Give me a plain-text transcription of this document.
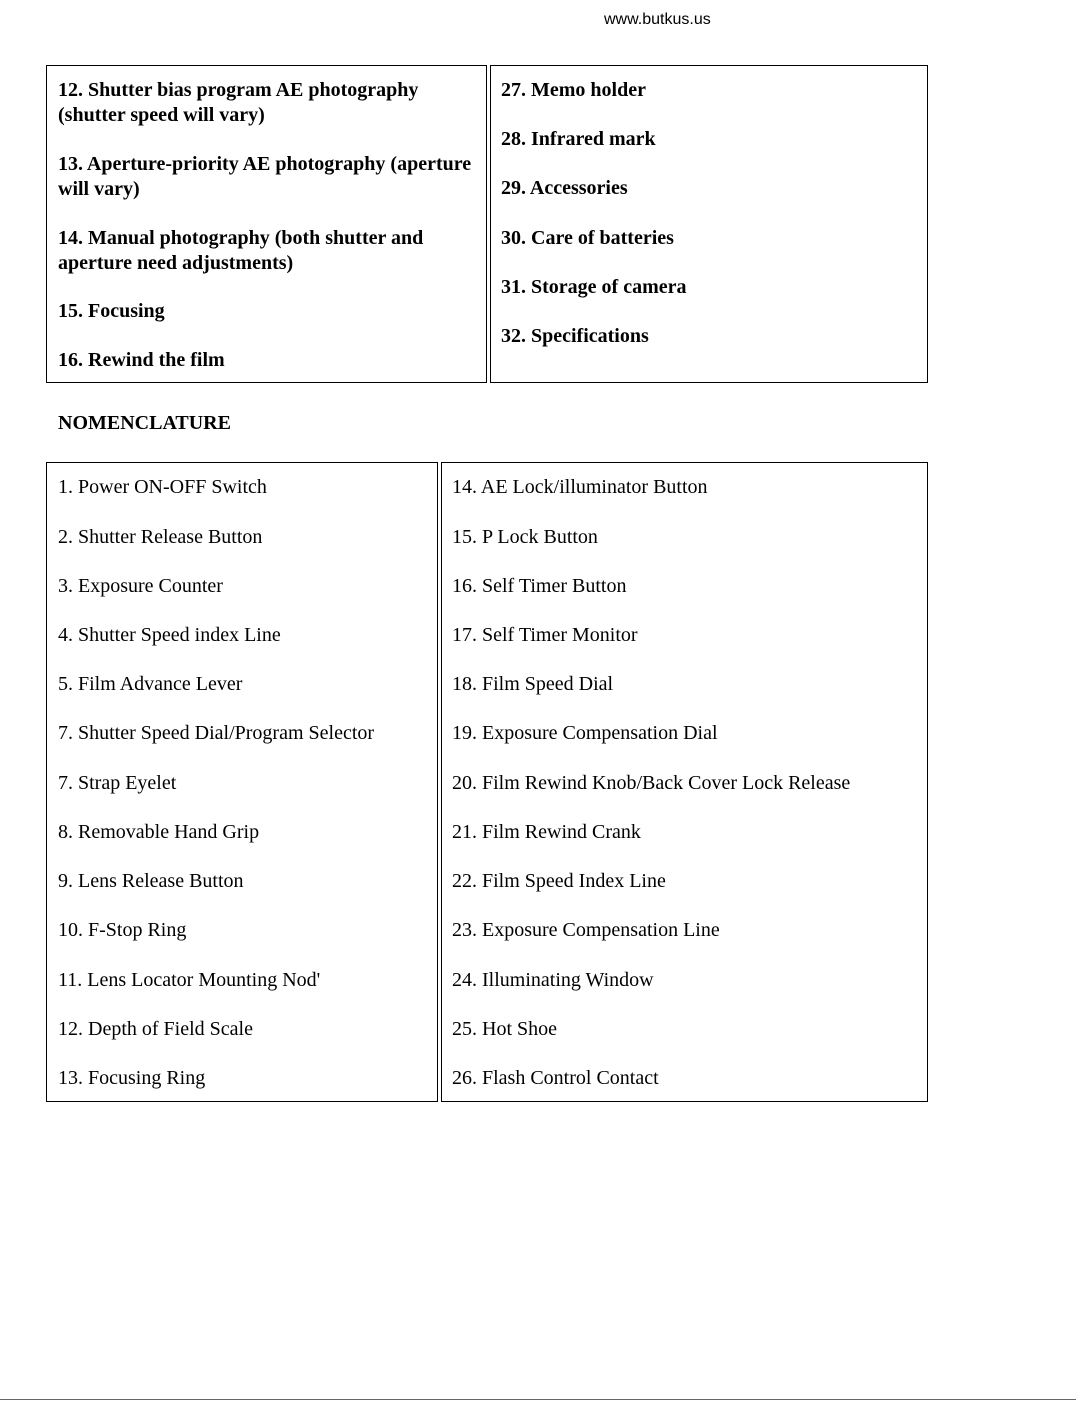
www.butkus.us

12. Shutter bias program AE photography (shutter speed will vary)

13. Aperture-priority AE photography (aperture will vary)

14. Manual photography (both shutter and aperture need adjustments)

15. Focusing

16. Rewind the film

27. Memo holder

28. Infrared mark

29. Accessories

30. Care of batteries

31. Storage of camera

32. Specifications

NOMENCLATURE

1. Power ON-OFF Switch

2. Shutter Release Button

3. Exposure Counter

4. Shutter Speed index Line

5. Film Advance Lever

7. Shutter Speed Dial/Program Selector

7. Strap Eyelet

8. Removable Hand Grip

9. Lens Release Button

10. F-Stop Ring

11. Lens Locator Mounting Nod'

12. Depth of Field Scale

13. Focusing Ring

14. AE Lock/illuminator Button

15. P Lock Button

16. Self Timer Button

17. Self Timer Monitor

18. Film Speed Dial

19. Exposure Compensation Dial

20. Film Rewind Knob/Back Cover Lock Release

21. Film Rewind Crank

22. Film Speed Index Line

23. Exposure Compensation Line

24. Illuminating Window

25. Hot Shoe

26. Flash Control Contact
